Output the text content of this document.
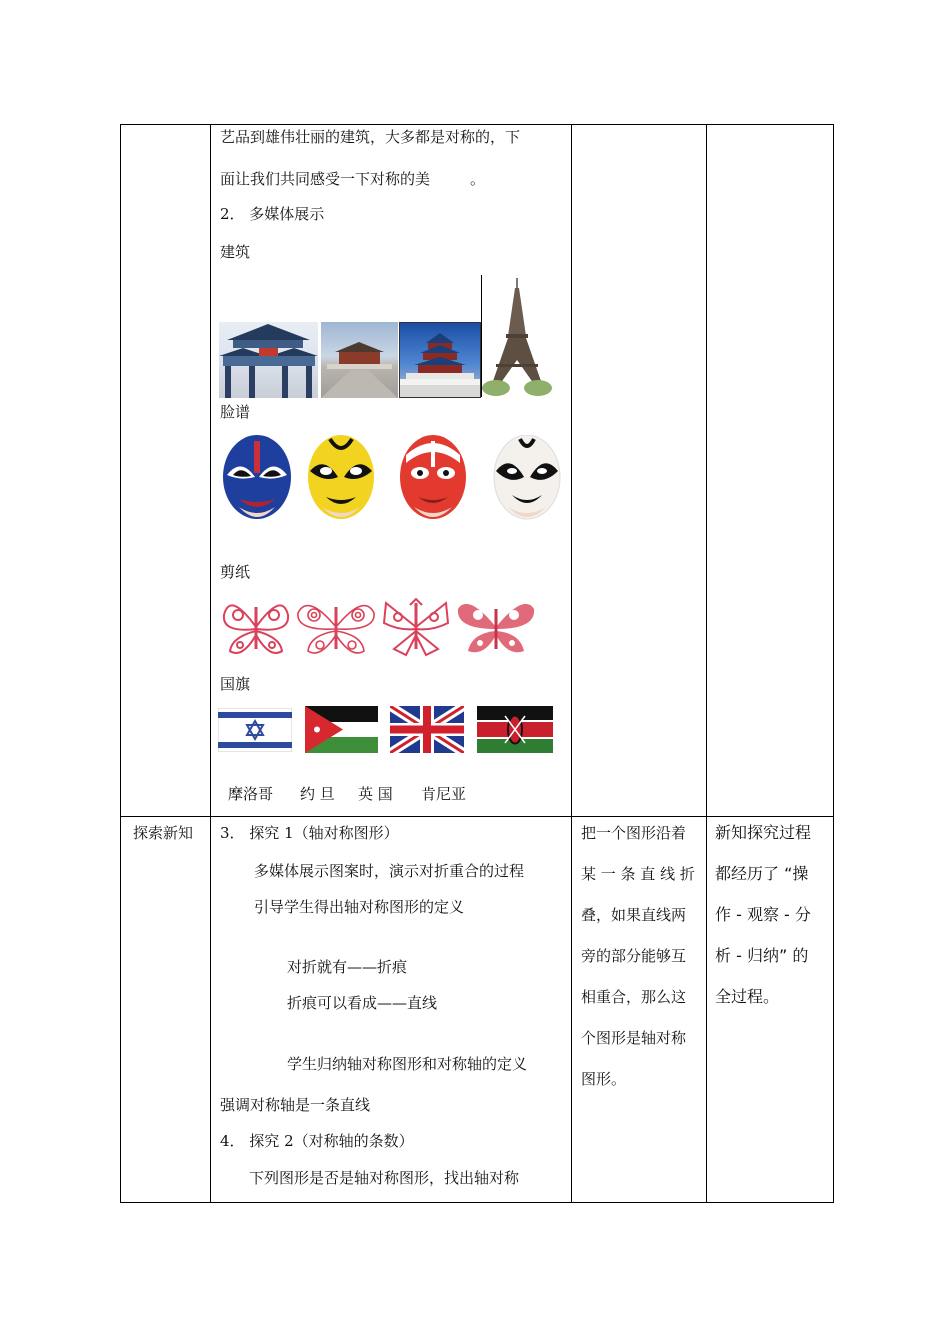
艺品到雄伟壮丽的建筑，大多都是对称的，下
面让我们共同感受一下对称的美	。
2． 多媒体展示
建筑
脸谱
剪纸
国旗
摩洛哥 约 旦 英 国 肯尼亚
探索新知 3． 探究 1（轴对称图形）
多媒体展示图案时，演示对折重合的过程
引导学生得出轴对称图形的定义
对折就有——折痕
折痕可以看成——直线
学生归纳轴对称图形和对称轴的定义
强调对称轴是一条直线
4． 探究 2（对称轴的条数）
下列图形是否是轴对称图形，找出轴对称
把一个图形沿着
某 一 条 直 线 折
叠，如果直线两
旁的部分能够互
相重合，那么这
个图形是轴对称
图形。
新知探究过程
都经历了 “操
作 - 观察 - 分
析 - 归纳” 的
全过程。
